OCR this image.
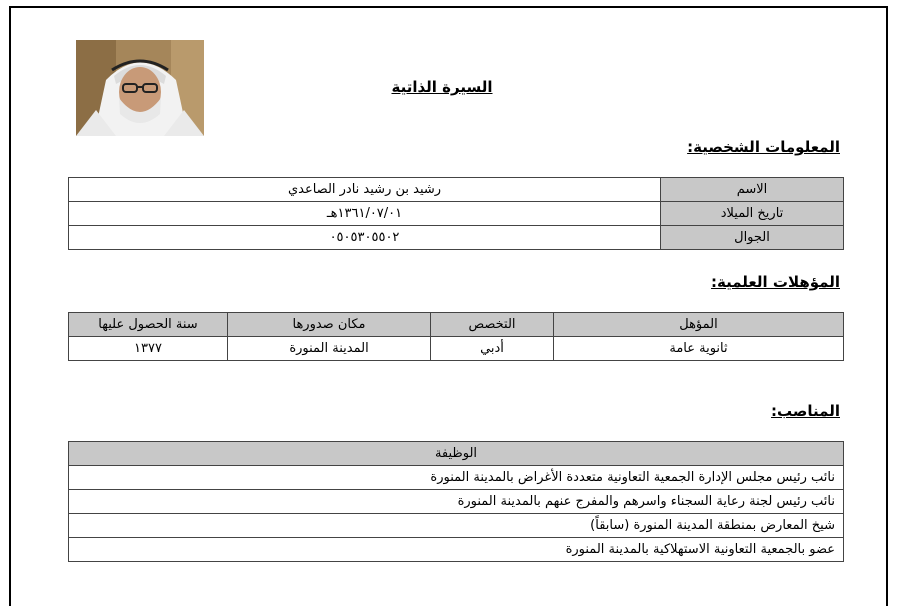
السيرة الذاتية
المعلومات الشخصية:
الاسم	رشيد بن رشيد نادر الصاعدي
تاريخ الميلاد	١٣٦١/٠٧/٠١هـ
الجوال	٠٥٠٥٣٠٥٥٠٢
المؤهلات العلمية:
المؤهل	التخصص	مكان صدورها	سنة الحصول عليها
ثانوية عامة	أدبي	المدينة المنورة	١٣٧٧
المناصب:
الوظيفة
نائب رئيس مجلس الإدارة الجمعية التعاونية متعددة الأغراض بالمدينة المنورة
نائب رئيس لجنة رعاية السجناء واسرهم والمفرج عنهم بالمدينة المنورة
شيخ المعارض بمنطقة المدينة المنورة (سابقاً)
عضو بالجمعية التعاونية الاستهلاكية بالمدينة المنورة
